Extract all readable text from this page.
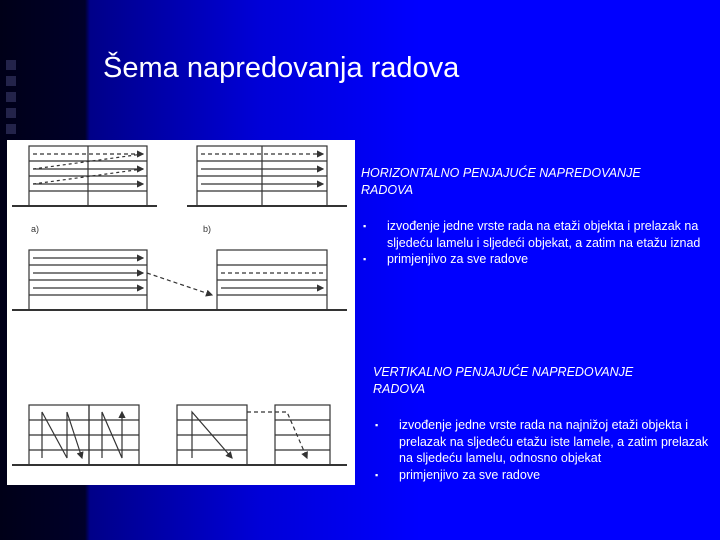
Šema napredovanja radova
a)	b)
HORIZONTALNO PENJAJUĆE NAPREDOVANJE
RADOVA
▪ izvođenje jedne vrste rada na etaži objekta i prelazak na sljedeću lamelu i sljedeći objekat, a zatim na etažu iznad
▪ primjenjivo za sve radove
VERTIKALNO PENJAJUĆE NAPREDOVANJE
RADOVA
▪ izvođenje jedne vrste rada na najnižoj etaži objekta i prelazak na sljedeću etažu iste lamele, a zatim prelazak na sljedeću lamelu, odnosno objekat
▪ primjenjivo za sve radove
